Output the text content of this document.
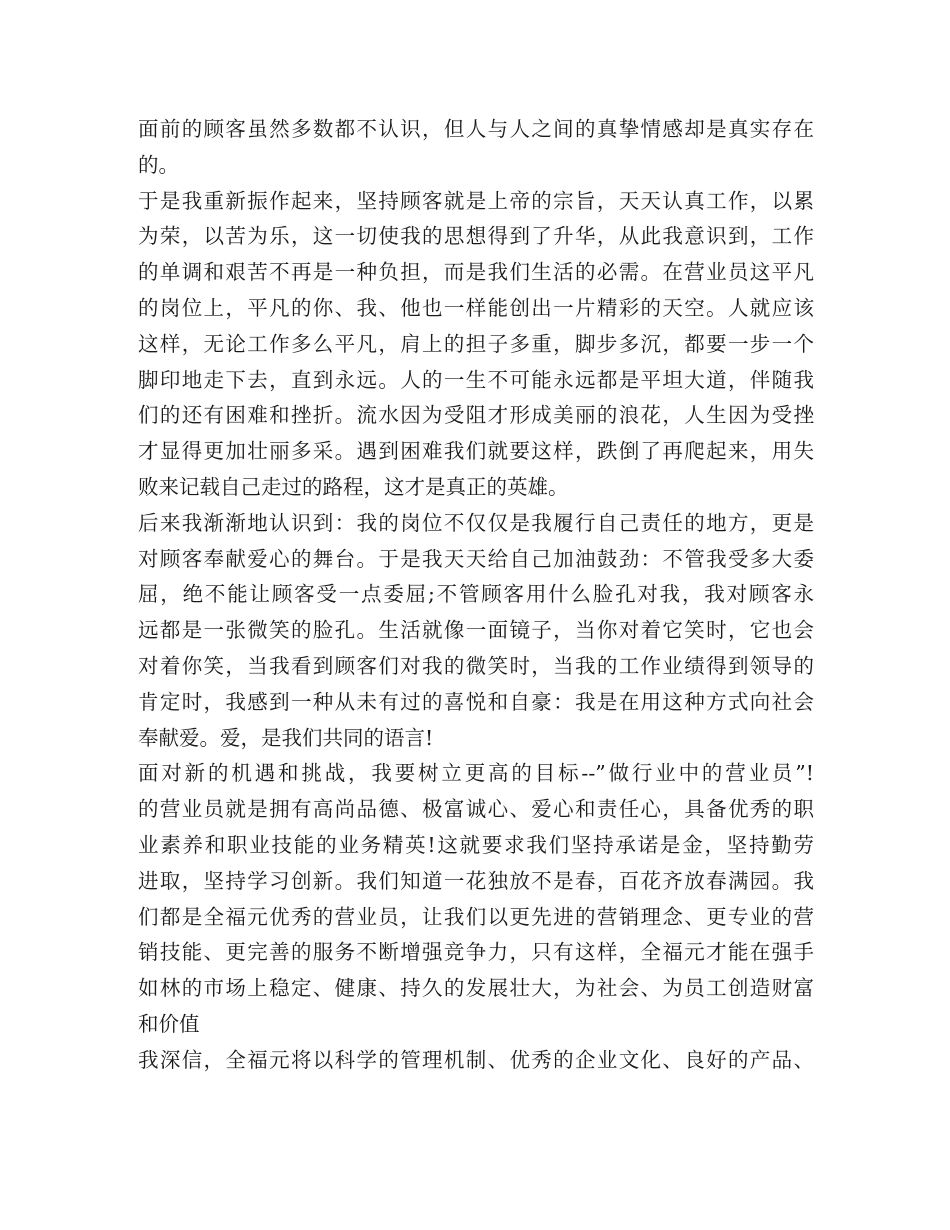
面前的顾客虽然多数都不认识，但人与人之间的真挚情感却是真实存在
的。
于是我重新振作起来，坚持顾客就是上帝的宗旨，天天认真工作，以累
为荣，以苦为乐，这一切使我的思想得到了升华，从此我意识到，工作
的单调和艰苦不再是一种负担，而是我们生活的必需。在营业员这平凡
的岗位上，平凡的你、我、他也一样能创出一片精彩的天空。人就应该
这样，无论工作多么平凡，肩上的担子多重，脚步多沉，都要一步一个
脚印地走下去，直到永远。人的一生不可能永远都是平坦大道，伴随我
们的还有困难和挫折。流水因为受阻才形成美丽的浪花，人生因为受挫
才显得更加壮丽多采。遇到困难我们就要这样，跌倒了再爬起来，用失
败来记载自己走过的路程，这才是真正的英雄。
后来我渐渐地认识到：我的岗位不仅仅是我履行自己责任的地方，更是
对顾客奉献爱心的舞台。于是我天天给自己加油鼓劲：不管我受多大委
屈，绝不能让顾客受一点委屈;不管顾客用什么脸孔对我，我对顾客永
远都是一张微笑的脸孔。生活就像一面镜子，当你对着它笑时，它也会
对着你笑，当我看到顾客们对我的微笑时，当我的工作业绩得到领导的
肯定时，我感到一种从未有过的喜悦和自豪：我是在用这种方式向社会
奉献爱。爱，是我们共同的语言!
面对新的机遇和挑战，我要树立更高的目标--”做行业中的营业员”!
的营业员就是拥有高尚品德、极富诚心、爱心和责任心，具备优秀的职
业素养和职业技能的业务精英!这就要求我们坚持承诺是金，坚持勤劳
进取，坚持学习创新。我们知道一花独放不是春，百花齐放春满园。我
们都是全福元优秀的营业员，让我们以更先进的营销理念、更专业的营
销技能、更完善的服务不断增强竞争力，只有这样，全福元才能在强手
如林的市场上稳定、健康、持久的发展壮大，为社会、为员工创造财富
和价值
我深信，全福元将以科学的管理机制、优秀的企业文化、良好的产品、
